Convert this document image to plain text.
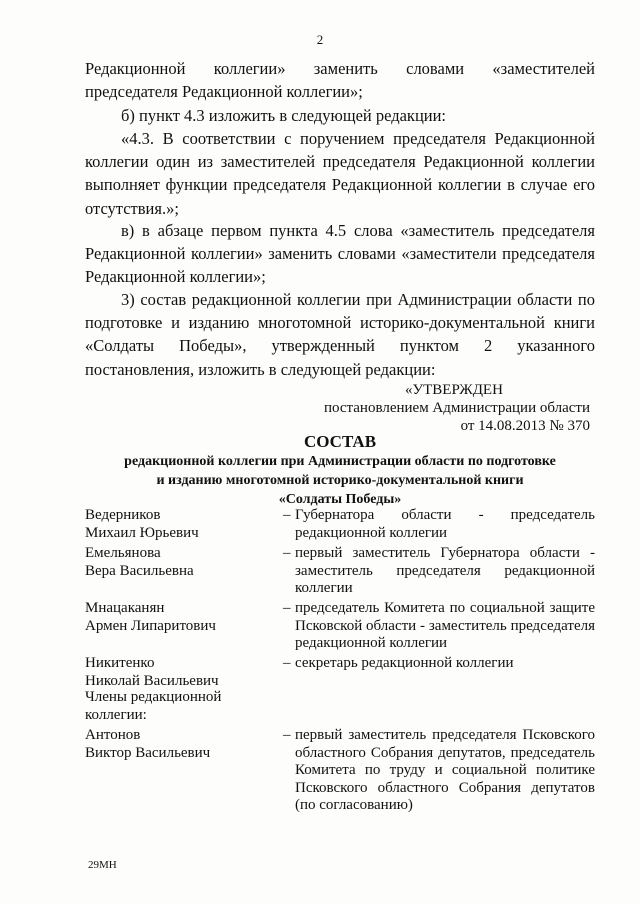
2
Редакционной коллегии» заменить словами «заместителей председателя Редакционной коллегии»;
б) пункт 4.3 изложить в следующей редакции:
«4.3. В соответствии с поручением председателя Редакционной коллегии один из заместителей председателя Редакционной коллегии выполняет функции председателя Редакционной коллегии в случае его отсутствия.»;
в) в абзаце первом пункта 4.5 слова «заместитель председателя Редакционной коллегии» заменить словами «заместители председателя Редакционной коллегии»;
3) состав редакционной коллегии при Администрации области по подготовке и изданию многотомной историко-документальной книги «Солдаты Победы», утвержденный пунктом 2 указанного постановления, изложить в следующей редакции:
«УТВЕРЖДЕН
постановлением Администрации области
от 14.08.2013 № 370
СОСТАВ
редакционной коллегии при Администрации области по подготовке
и изданию многотомной историко-документальной книги
«Солдаты Победы»
Ведерников
Михаил Юрьевич
– Губернатора области - председатель редакционной коллегии
Емельянова
Вера Васильевна
– первый заместитель Губернатора области - заместитель председателя редакционной коллегии
Мнацаканян
Армен Липаритович
– председатель Комитета по социальной защите Псковской области - заместитель председателя редакционной коллегии
Никитенко
Николай Васильевич
– секретарь редакционной коллегии
Члены редакционной
коллегии:
Антонов
Виктор Васильевич
– первый заместитель председателя Псковского областного Собрания депутатов, председатель Комитета по труду и социальной политике Псковского областного Собрания депутатов (по согласованию)
29МН
